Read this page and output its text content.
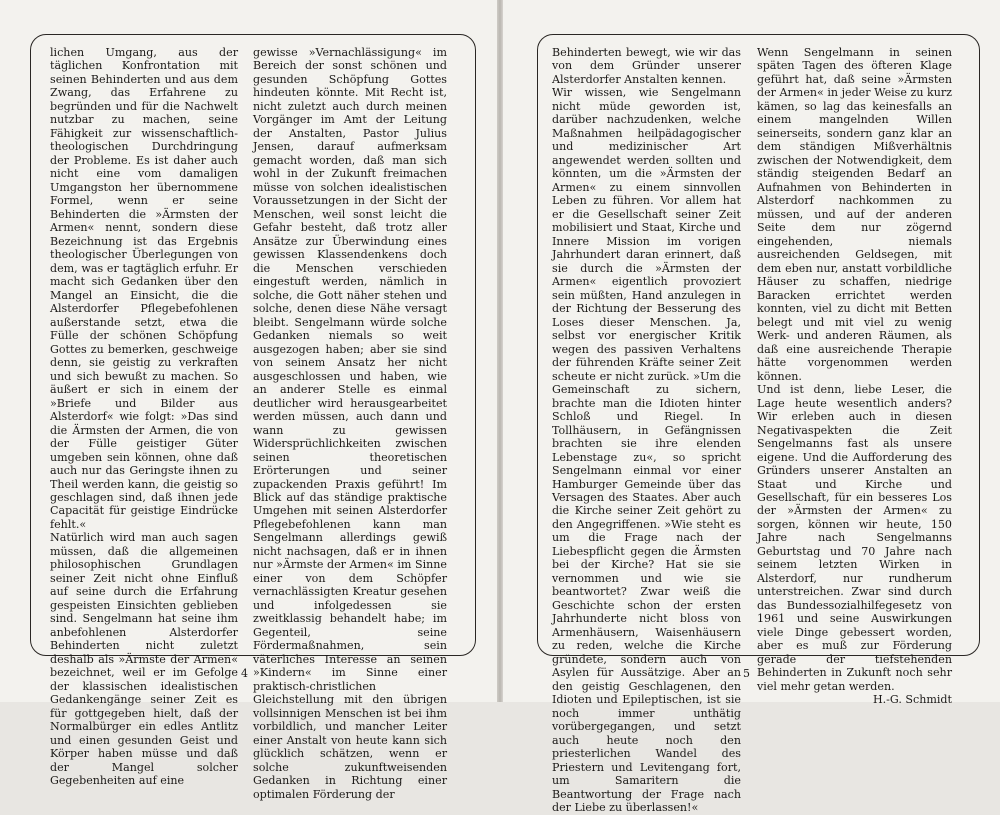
lichen Umgang, aus der täglichen Konfrontation mit seinen Behinderten und aus dem Zwang, das Erfahrene zu begründen und für die Nachwelt nutzbar zu machen, seine Fähigkeit zur wissenschaftlich-theologischen Durchdringung der Probleme. Es ist daher auch nicht eine vom damaligen Umgangston her übernommene Formel, wenn er seine Behinderten die »Ärmsten der Armen« nennt, sondern diese Bezeichnung ist das Ergebnis theologischer Überlegungen von dem, was er tagtäglich erfuhr. Er macht sich Gedanken über den Mangel an Einsicht, die die Alsterdorfer Pflegebefohlenen außerstande setzt, etwa die Fülle der schönen Schöpfung Gottes zu bemerken, geschweige denn, sie geistig zu verkraften und sich bewußt zu machen. So äußert er sich in einem der »Briefe und Bilder aus Alsterdorf« wie folgt: »Das sind die Ärmsten der Armen, die von der Fülle geistiger Güter umgeben sein können, ohne daß auch nur das Geringste ihnen zu Theil werden kann, die geistig so geschlagen sind, daß ihnen jede Capacität für geistige Eindrücke fehlt.«

Natürlich wird man auch sagen müssen, daß die allgemeinen philosophischen Grundlagen seiner Zeit nicht ohne Einfluß auf seine durch die Erfahrung gespeisten Einsichten geblieben sind. Sengelmann hat seine ihm anbefohlenen Alsterdorfer Behinderten nicht zuletzt deshalb als »Ärmste der Armen« bezeichnet, weil er im Gefolge der klassischen idealistischen Gedankengänge seiner Zeit es für gottgegeben hielt, daß der Normalbürger ein edles Antlitz und einen gesunden Geist und Körper haben müsse und daß der Mangel solcher Gegebenheiten auf eine

gewisse »Vernachlässigung« im Bereich der sonst schönen und gesunden Schöpfung Gottes hindeuten könnte. Mit Recht ist, nicht zuletzt auch durch meinen Vorgänger im Amt der Leitung der Anstalten, Pastor Julius Jensen, darauf aufmerksam gemacht worden, daß man sich wohl in der Zukunft freimachen müsse von solchen idealistischen Voraussetzungen in der Sicht der Menschen, weil sonst leicht die Gefahr besteht, daß trotz aller Ansätze zur Überwindung eines gewissen Klassendenkens doch die Menschen verschieden eingestuft werden, nämlich in solche, die Gott näher stehen und solche, denen diese Nähe versagt bleibt. Sengelmann würde solche Gedanken niemals so weit ausgezogen haben; aber sie sind von seinem Ansatz her nicht ausgeschlossen und haben, wie an anderer Stelle es einmal deutlicher wird herausgearbeitet werden müssen, auch dann und wann zu gewissen Widersprüchlichkeiten zwischen seinen theoretischen Erörterungen und seiner zupackenden Praxis geführt! Im Blick auf das ständige praktische Umgehen mit seinen Alsterdorfer Pflegebefohlenen kann man Sengelmann allerdings gewiß nicht nachsagen, daß er in ihnen nur »Ärmste der Armen« im Sinne einer von dem Schöpfer vernachlässigten Kreatur gesehen und infolgedessen sie zweitklassig behandelt habe; im Gegenteil, seine Fördermaßnahmen, sein väterliches Interesse an seinen »Kindern« im Sinne einer praktisch-christlichen Gleichstellung mit den übrigen vollsinnigen Menschen ist bei ihm vorbildlich, und mancher Leiter einer Anstalt von heute kann sich glücklich schätzen, wenn er solche zukunftweisenden Gedanken in Richtung einer optimalen Förderung der

4

Behinderten bewegt, wie wir das von dem Gründer unserer Alsterdorfer Anstalten kennen.

Wir wissen, wie Sengelmann nicht müde geworden ist, darüber nachzudenken, welche Maßnahmen heilpädagogischer und medizinischer Art angewendet werden sollten und könnten, um die »Ärmsten der Armen« zu einem sinnvollen Leben zu führen. Vor allem hat er die Gesellschaft seiner Zeit mobilisiert und Staat, Kirche und Innere Mission im vorigen Jahrhundert daran erinnert, daß sie durch die »Ärmsten der Armen« eigentlich provoziert sein müßten, Hand anzulegen in der Richtung der Besserung des Loses dieser Menschen. Ja, selbst vor energischer Kritik wegen des passiven Verhaltens der führenden Kräfte seiner Zeit scheute er nicht zurück. »Um die Gemeinschaft zu sichern, brachte man die Idioten hinter Schloß und Riegel. In Tollhäusern, in Gefängnissen brachten sie ihre elenden Lebenstage zu«, so spricht Sengelmann einmal vor einer Hamburger Gemeinde über das Versagen des Staates. Aber auch die Kirche seiner Zeit gehört zu den Angegriffenen. »Wie steht es um die Frage nach der Liebespflicht gegen die Ärmsten bei der Kirche? Hat sie sie vernommen und wie sie beantwortet? Zwar weiß die Geschichte schon der ersten Jahrhunderte nicht bloss von Armenhäusern, Waisenhäusern zu reden, welche die Kirche gründete, sondern auch von Asylen für Aussätzige. Aber an den geistig Geschlagenen, den Idioten und Epileptischen, ist sie noch immer unthätig vorübergegangen, und setzt auch heute noch den priesterlichen Wandel des Priestern und Levitengang fort, um Samaritern die Beantwortung der Frage nach der Liebe zu überlassen!«

Wenn Sengelmann in seinen späten Tagen des öfteren Klage geführt hat, daß seine »Ärmsten der Armen« in jeder Weise zu kurz kämen, so lag das keinesfalls an einem mangelnden Willen seinerseits, sondern ganz klar an dem ständigen Mißverhältnis zwischen der Notwendigkeit, dem ständig steigenden Bedarf an Aufnahmen von Behinderten in Alsterdorf nachkommen zu müssen, und auf der anderen Seite dem nur zögernd eingehenden, niemals ausreichenden Geldsegen, mit dem eben nur, anstatt vorbildliche Häuser zu schaffen, niedrige Baracken errichtet werden konnten, viel zu dicht mit Betten belegt und mit viel zu wenig Werk- und anderen Räumen, als daß eine ausreichende Therapie hätte vorgenommen werden können.

Und ist denn, liebe Leser, die Lage heute wesentlich anders? Wir erleben auch in diesen Negativaspekten die Zeit Sengelmanns fast als unsere eigene. Und die Aufforderung des Gründers unserer Anstalten an Staat und Kirche und Gesellschaft, für ein besseres Los der »Ärmsten der Armen« zu sorgen, können wir heute, 150 Jahre nach Sengelmanns Geburtstag und 70 Jahre nach seinem letzten Wirken in Alsterdorf, nur rundherum unterstreichen. Zwar sind durch das Bundessozialhilfegesetz von 1961 und seine Auswirkungen viele Dinge gebessert worden, aber es muß zur Förderung gerade der tiefstehenden Behinderten in Zukunft noch sehr viel mehr getan werden.

H.-G. Schmidt
5
